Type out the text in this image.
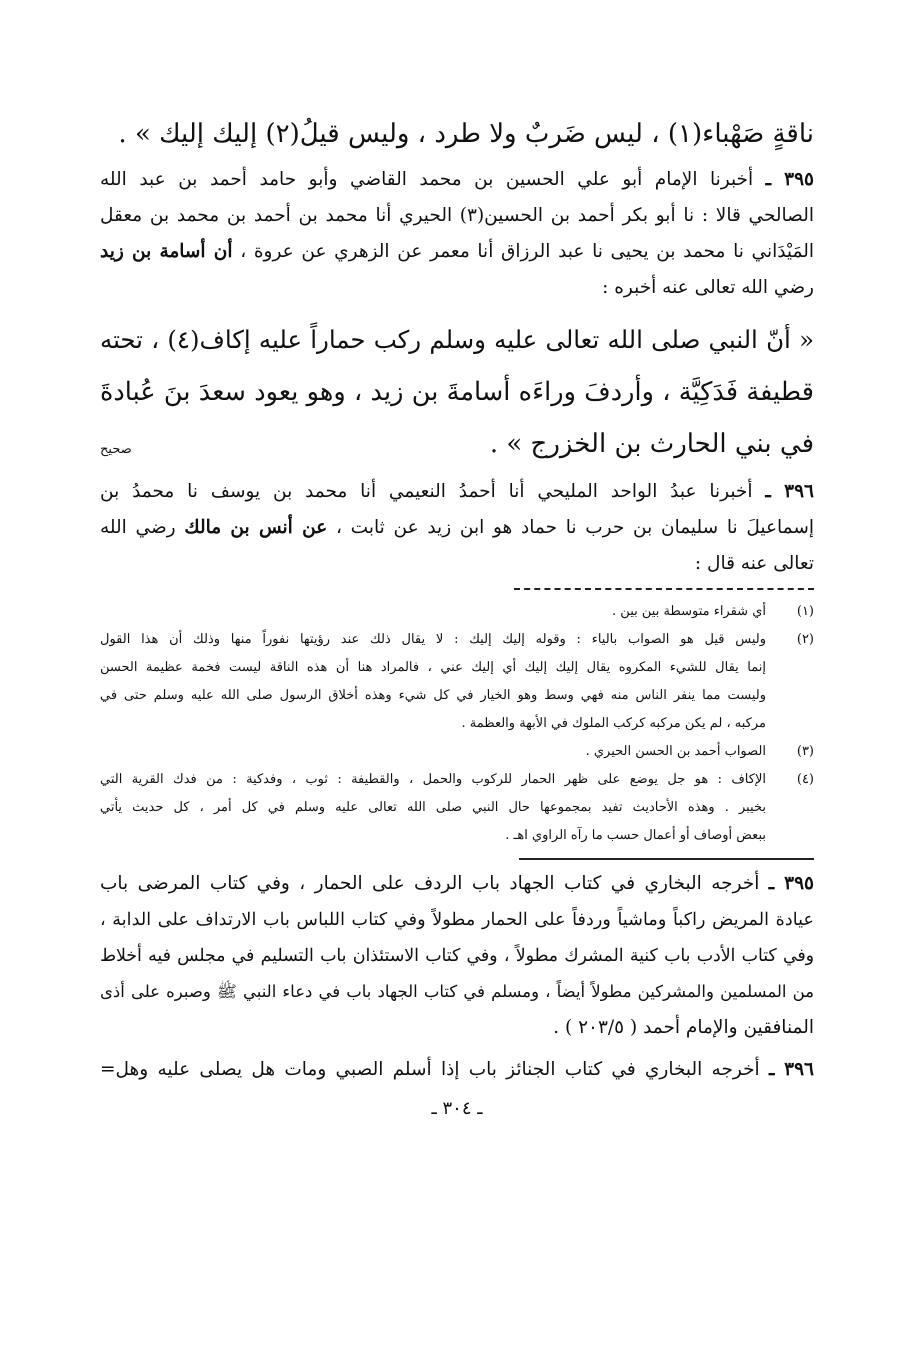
ناقةٍ صَهْباء(١) ، ليس ضَربٌ ولا طرد ، وليس قيلُ(٢) إليك إليك » .
٣٩٥ ـ أخبرنا الإمام أبو علي الحسين بن محمد القاضي وأبو حامد أحمد بن عبد الله
الصالحي قالا : نا أبو بكر أحمد بن الحسين(٣) الحيري أنا محمد بن أحمد بن محمد بن معقل
المَيْدَاني نا محمد بن يحيى نا عبد الرزاق أنا معمر عن الزهري عن عروة ، أن أسامة بن زيد
رضي الله تعالى عنه أخبره :
« أنّ النبي صلى الله تعالى عليه وسلم ركب حماراً عليه إكاف(٤) ، تحته
قطيفة فَدَكِيَّة ، وأردفَ وراءَه أسامةَ بن زيد ، وهو يعود سعدَ بنَ عُبادةَ
في بني الحارث بن الخزرج » .
صحيح
٣٩٦ ـ أخبرنا عبدُ الواحد المليحي أنا أحمدُ النعيمي أنا محمد بن يوسف نا محمدُ بن
إسماعيلَ نا سليمان بن حرب نا حماد هو ابن زيد عن ثابت ، عن أنس بن مالك رضي الله
تعالى عنه قال :
(١)
أي شقراء متوسطة بين بين .
(٢)
وليس قيل هو الصواب بالياء : وقوله إليك إليك : لا يقال ذلك عند رؤيتها نفوراً منها وذلك أن هذا القول
إنما يقال للشيء المكروه يقال إليك إليك أي إليك عني ، فالمراد هنا أن هذه الناقة ليست فخمة عظيمة الحسن
وليست مما ينفر الناس منه فهي وسط وهو الخيار في كل شيء وهذه أخلاق الرسول صلى الله عليه وسلم حتى في
مركبه ، لم يكن مركبه كركب الملوك في الأبهة والعظمة .
(٣)
الصواب أحمد بن الحسن الحيري .
(٤)
الإكاف : هو جل يوضع على ظهر الحمار للركوب والحمل ، والقطيفة : ثوب ، وفدكية : من فدك القرية التي
بخيبر . وهذه الأحاديث تفيد بمجموعها حال النبي صلى الله تعالى عليه وسلم في كل أمر ، كل حديث يأتي
ببعض أوصاف أو أعمال حسب ما رآه الراوي اهـ .
٣٩٥ ـ أخرجه البخاري في كتاب الجهاد باب الردف على الحمار ، وفي كتاب المرضى باب
عيادة المريض راكباً وماشياً وردفاً على الحمار مطولاً وفي كتاب اللباس باب الارتداف على الدابة ،
وفي كتاب الأدب باب كنية المشرك مطولاً ، وفي كتاب الاستئذان باب التسليم في مجلس فيه أخلاط
من المسلمين والمشركين مطولاً أيضاً ، ومسلم في كتاب الجهاد باب في دعاء النبي ﷺ وصبره على أذى
المنافقين والإمام أحمد ( ٢٠٣/٥ ) .
٣٩٦ ـ أخرجه البخاري في كتاب الجنائز باب إذا أسلم الصبي ومات هل يصلى عليه وهل=
ـ ٣٠٤ ـ
